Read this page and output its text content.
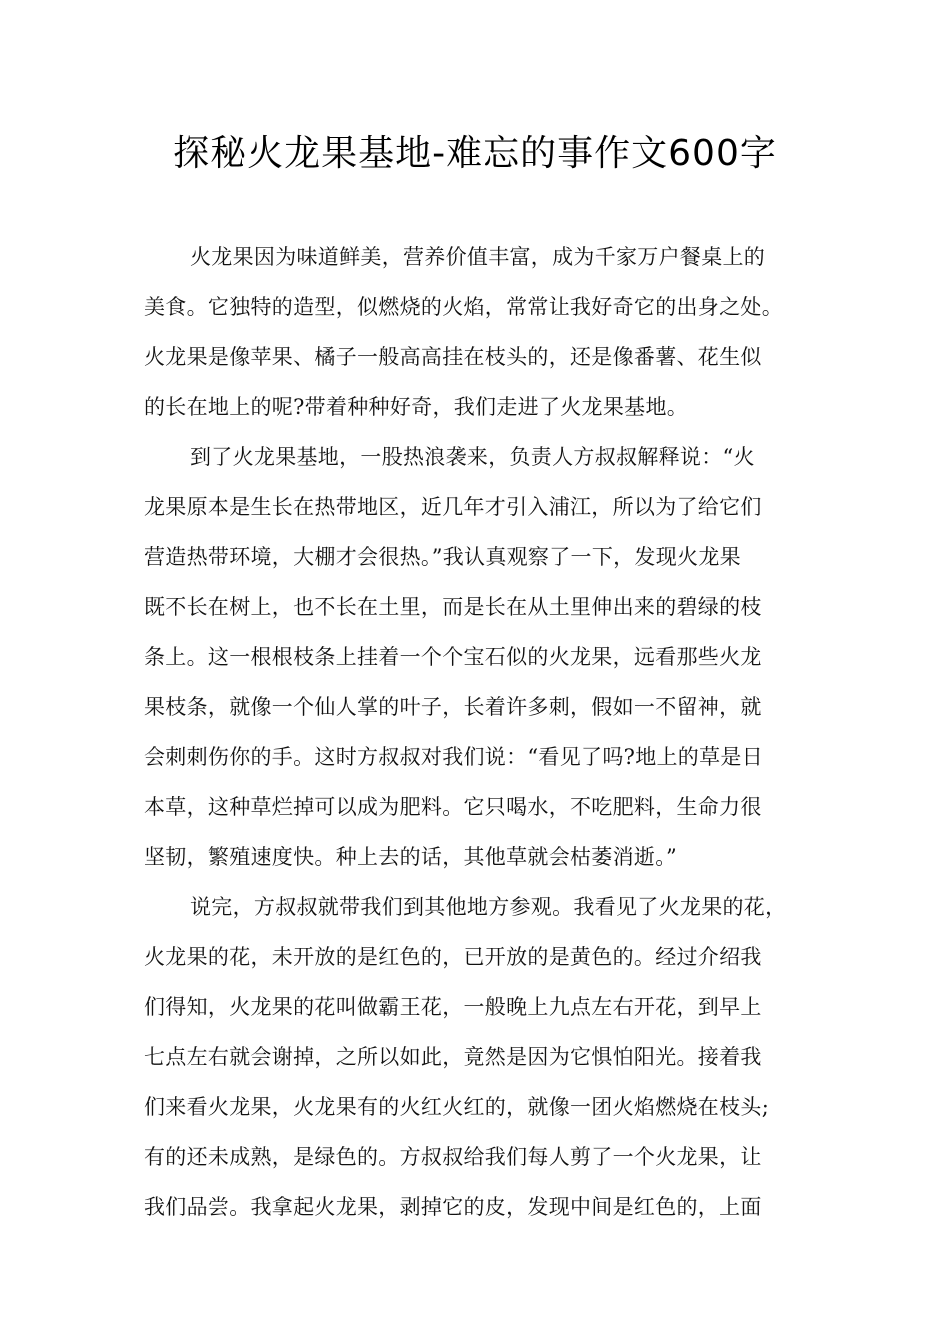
探秘火龙果基地-难忘的事作文600字
火龙果因为味道鲜美，营养价值丰富，成为千家万户餐桌上的
美食。它独特的造型，似燃烧的火焰，常常让我好奇它的出身之处。
火龙果是像苹果、橘子一般高高挂在枝头的，还是像番薯、花生似
的长在地上的呢?带着种种好奇，我们走进了火龙果基地。
到了火龙果基地，一股热浪袭来，负责人方叔叔解释说：“火
龙果原本是生长在热带地区，近几年才引入浦江，所以为了给它们
营造热带环境，大棚才会很热。”我认真观察了一下，发现火龙果
既不长在树上，也不长在土里，而是长在从土里伸出来的碧绿的枝
条上。这一根根枝条上挂着一个个宝石似的火龙果，远看那些火龙
果枝条，就像一个仙人掌的叶子，长着许多刺，假如一不留神，就
会刺刺伤你的手。这时方叔叔对我们说：“看见了吗?地上的草是日
本草，这种草烂掉可以成为肥料。它只喝水，不吃肥料，生命力很
坚韧，繁殖速度快。种上去的话，其他草就会枯萎消逝。”
说完，方叔叔就带我们到其他地方参观。我看见了火龙果的花，
火龙果的花，未开放的是红色的，已开放的是黄色的。经过介绍我
们得知，火龙果的花叫做霸王花，一般晚上九点左右开花，到早上
七点左右就会谢掉，之所以如此，竟然是因为它惧怕阳光。接着我
们来看火龙果，火龙果有的火红火红的，就像一团火焰燃烧在枝头;
有的还未成熟，是绿色的。方叔叔给我们每人剪了一个火龙果，让
我们品尝。我拿起火龙果，剥掉它的皮，发现中间是红色的，上面
